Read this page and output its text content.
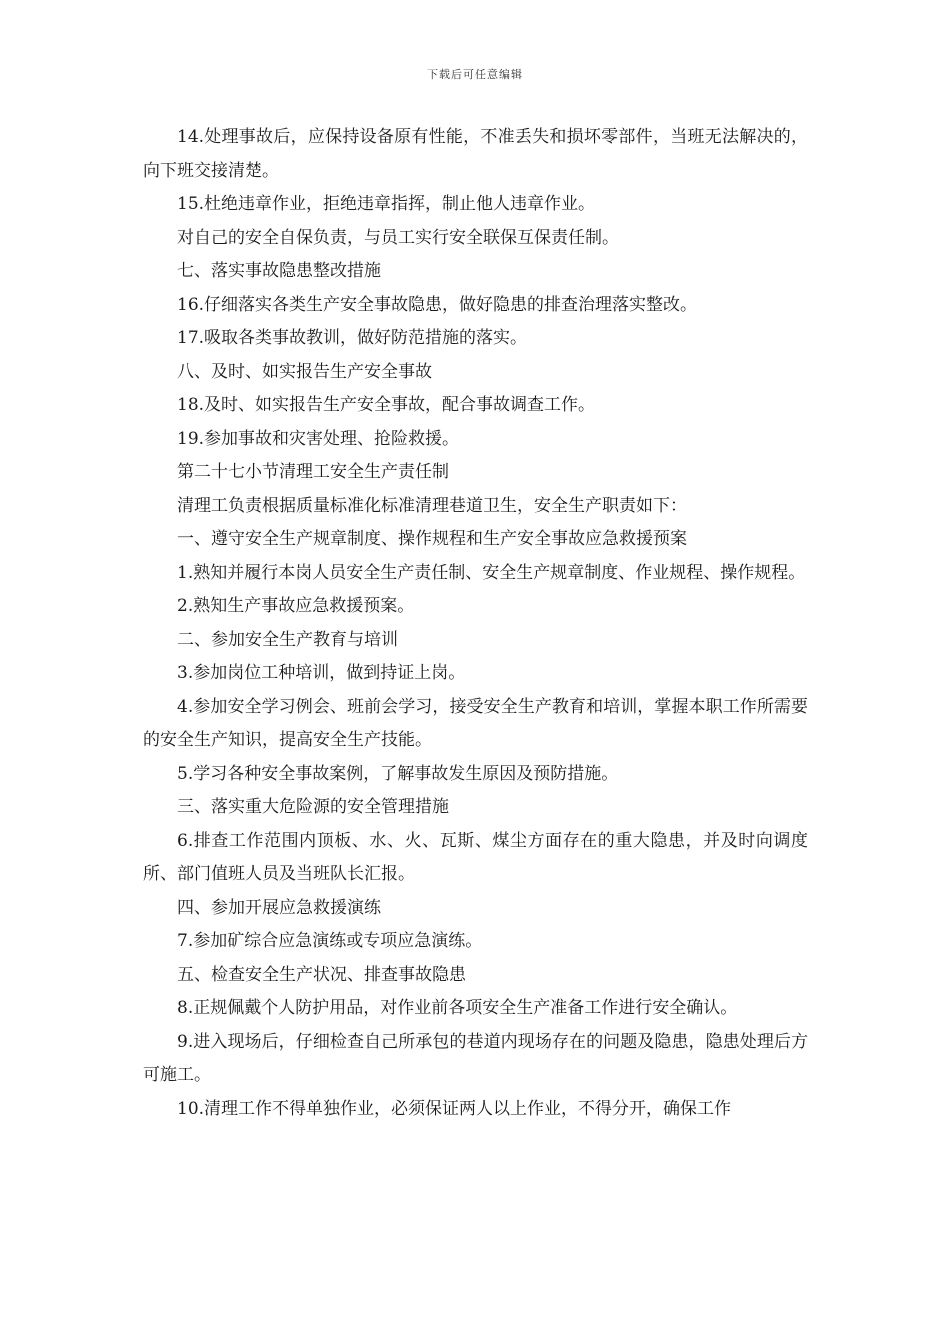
下载后可任意编辑

14.处理事故后，应保持设备原有性能，不准丢失和损坏零部件，当班无法解决的，向下班交接清楚。

15.杜绝违章作业，拒绝违章指挥，制止他人违章作业。

对自己的安全自保负责，与员工实行安全联保互保责任制。

七、落实事故隐患整改措施

16.仔细落实各类生产安全事故隐患，做好隐患的排查治理落实整改。

17.吸取各类事故教训，做好防范措施的落实。

八、及时、如实报告生产安全事故

18.及时、如实报告生产安全事故，配合事故调查工作。

19.参加事故和灾害处理、抢险救援。

第二十七小节清理工安全生产责任制

清理工负责根据质量标准化标准清理巷道卫生，安全生产职责如下：

一、遵守安全生产规章制度、操作规程和生产安全事故应急救援预案

1.熟知并履行本岗人员安全生产责任制、安全生产规章制度、作业规程、操作规程。

2.熟知生产事故应急救援预案。

二、参加安全生产教育与培训

3.参加岗位工种培训，做到持证上岗。

4.参加安全学习例会、班前会学习，接受安全生产教育和培训，掌握本职工作所需要的安全生产知识，提高安全生产技能。

5.学习各种安全事故案例，了解事故发生原因及预防措施。

三、落实重大危险源的安全管理措施

6.排查工作范围内顶板、水、火、瓦斯、煤尘方面存在的重大隐患，并及时向调度所、部门值班人员及当班队长汇报。

四、参加开展应急救援演练

7.参加矿综合应急演练或专项应急演练。

五、检查安全生产状况、排查事故隐患

8.正规佩戴个人防护用品，对作业前各项安全生产准备工作进行安全确认。

9.进入现场后，仔细检查自己所承包的巷道内现场存在的问题及隐患，隐患处理后方可施工。

10.清理工作不得单独作业，必须保证两人以上作业，不得分开，确保工作
